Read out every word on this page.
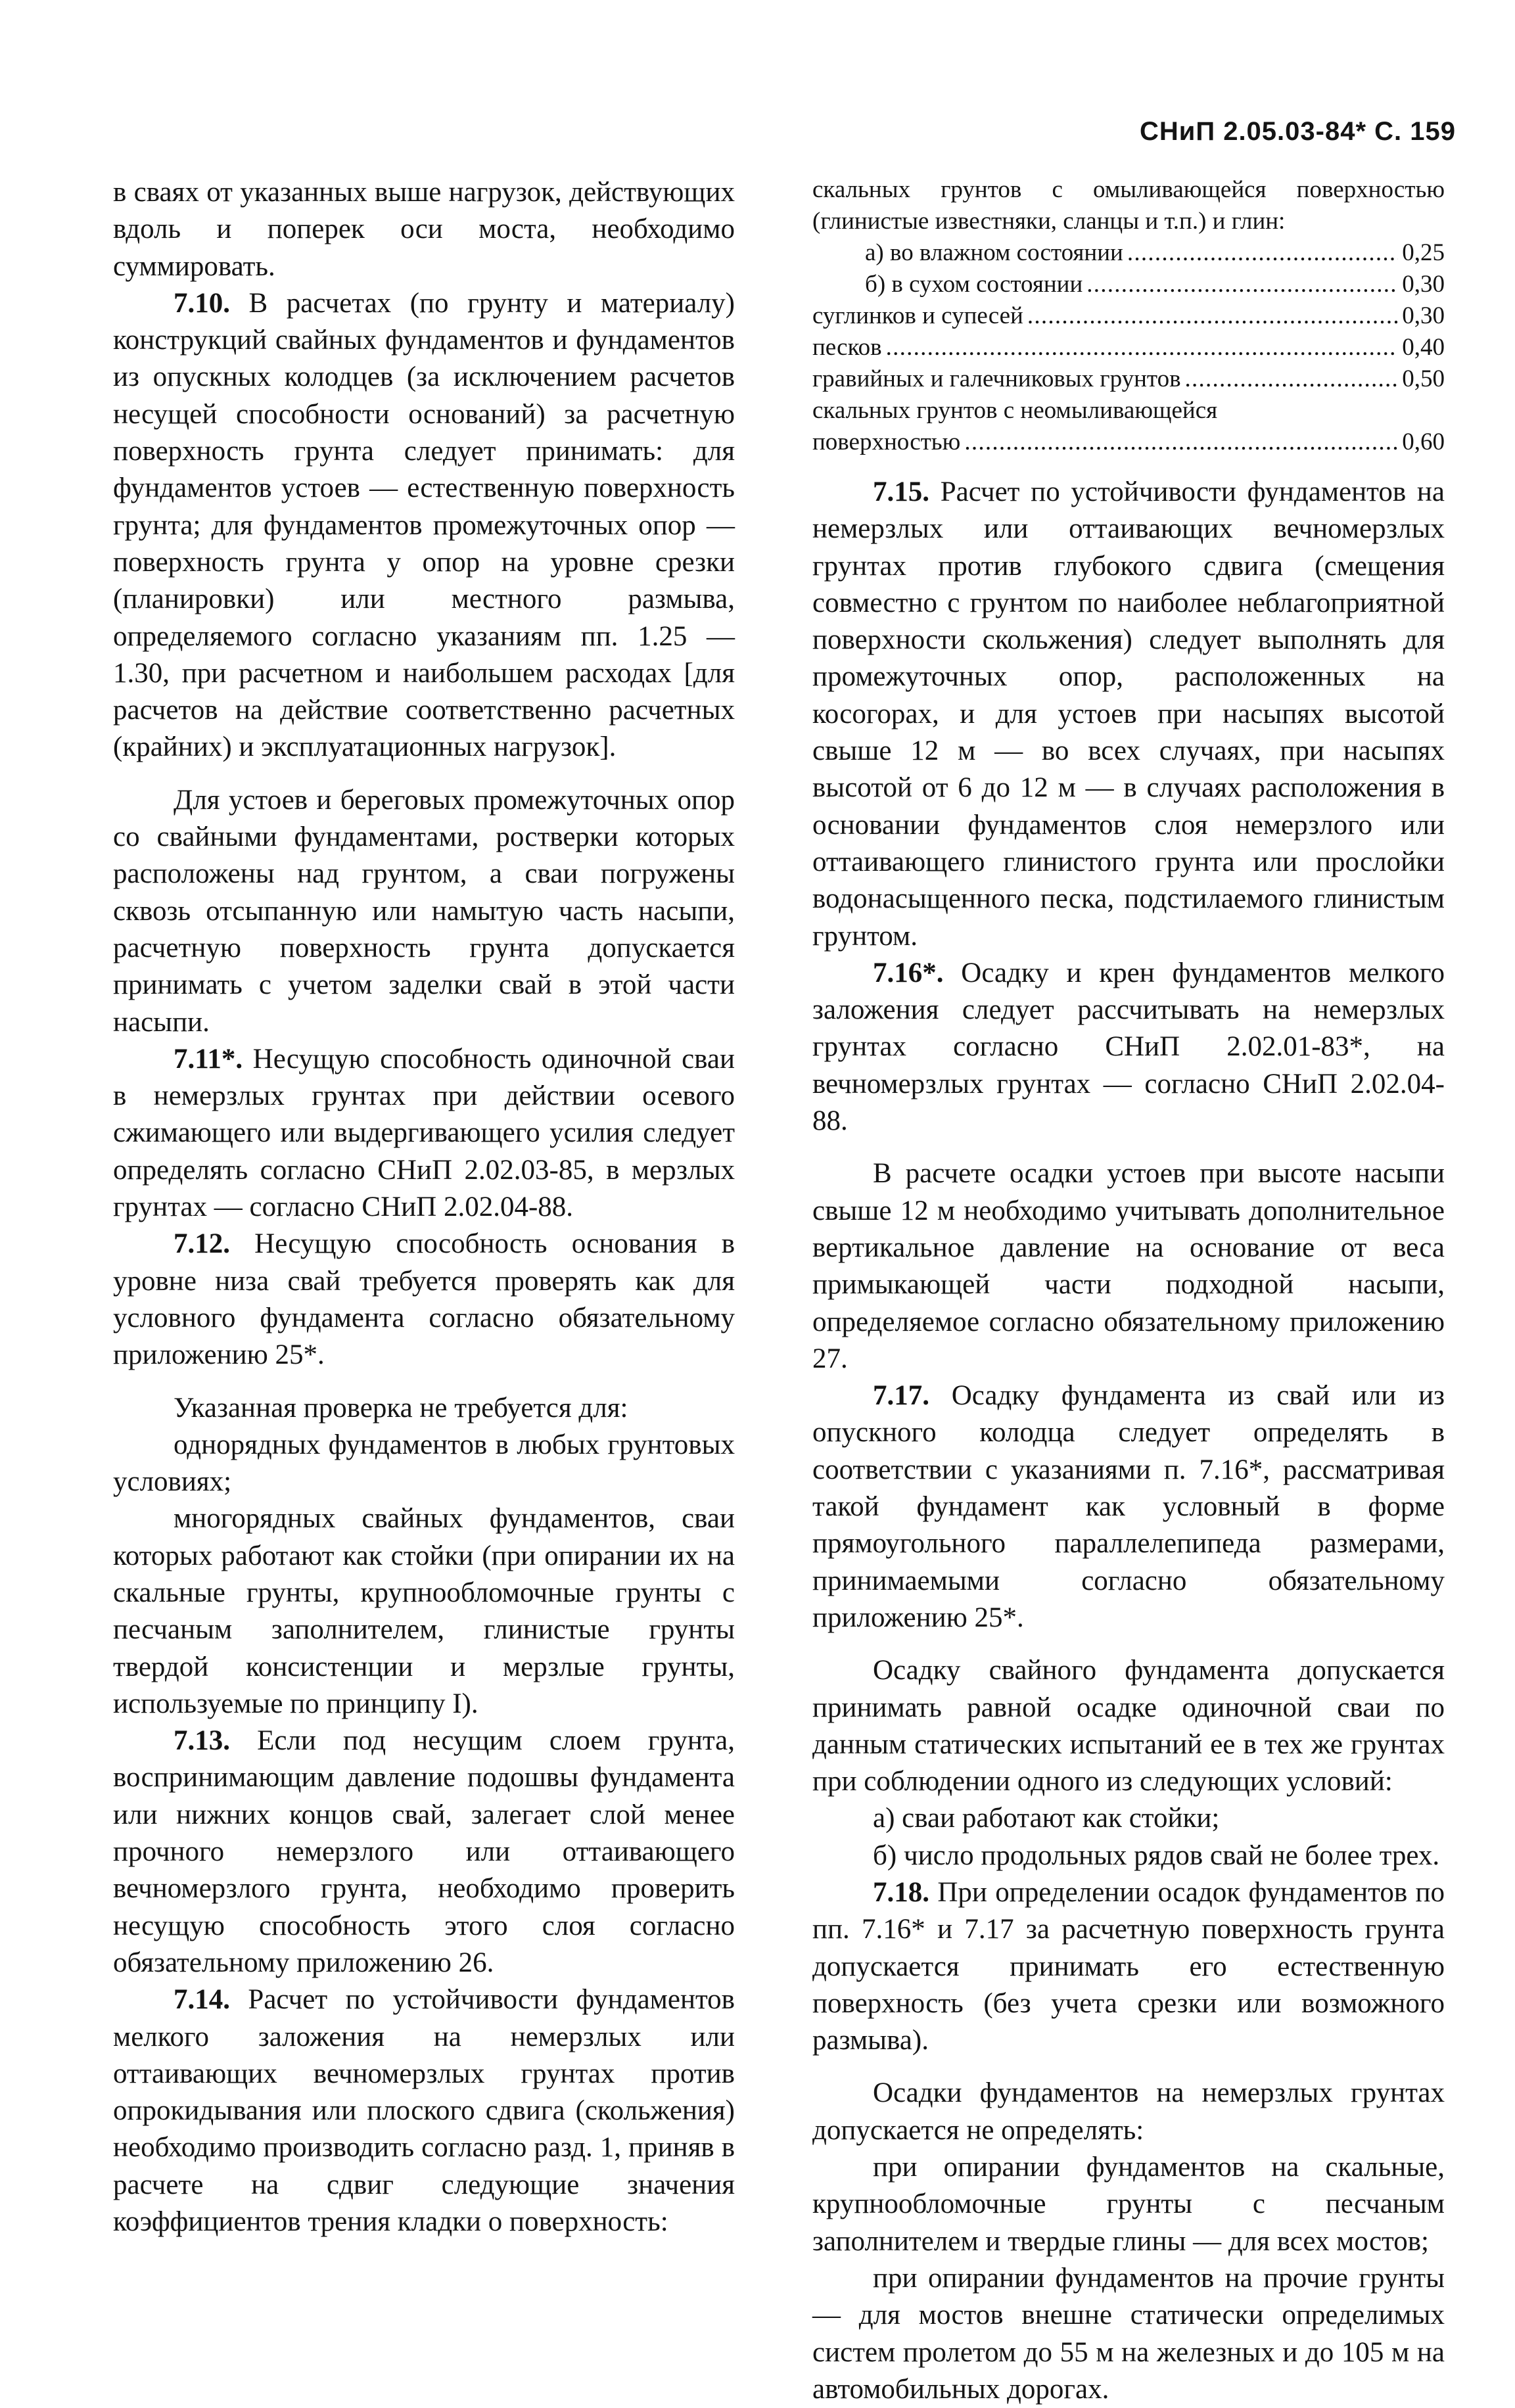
СНиП 2.05.03-84* С. 159

в сваях от указанных выше нагрузок, действующих вдоль и поперек оси моста, необходимо суммировать.

7.10. В расчетах (по грунту и материалу) конструкций свайных фундаментов и фундаментов из опускных колодцев (за исключением расчетов несущей способности оснований) за расчетную поверхность грунта следует принимать: для фундаментов устоев — естественную поверхность грунта; для фундаментов промежуточных опор — поверхность грунта у опор на уровне срезки (планировки) или местного размыва, определяемого согласно указаниям пп. 1.25 — 1.30, при расчетном и наибольшем расходах [для расчетов на действие соответственно расчетных (крайних) и эксплуатационных нагрузок].

Для устоев и береговых промежуточных опор со свайными фундаментами, ростверки которых расположены над грунтом, а сваи погружены сквозь отсыпанную или намытую часть насыпи, расчетную поверхность грунта допускается принимать с учетом заделки свай в этой части насыпи.

7.11*. Несущую способность одиночной сваи в немерзлых грунтах при действии осевого сжимающего или выдергивающего усилия следует определять согласно СНиП 2.02.03-85, в мерзлых грунтах — согласно СНиП 2.02.04-88.

7.12. Несущую способность основания в уровне низа свай требуется проверять как для условного фундамента согласно обязательному приложению 25*.

Указанная проверка не требуется для:

однорядных фундаментов в любых грунтовых условиях;

многорядных свайных фундаментов, сваи которых работают как стойки (при опирании их на скальные грунты, крупнообломочные грунты с песчаным заполнителем, глинистые грунты твердой консистенции и мерзлые грунты, используемые по принципу I).

7.13. Если под несущим слоем грунта, воспринимающим давление подошвы фундамента или нижних концов свай, залегает слой менее прочного немерзлого или оттаивающего вечномерзлого грунта, необходимо проверить несущую способность этого слоя согласно обязательному приложению 26.

7.14. Расчет по устойчивости фундаментов мелкого заложения на немерзлых или оттаивающих вечномерзлых грунтах против опрокидывания или плоского сдвига (скольжения) необходимо производить согласно разд. 1, приняв в расчете на сдвиг следующие значения коэффициентов трения кладки о поверхность:

скальных грунтов с омыливающейся поверхностью (глинистые известняки, сланцы и т.п.) и глин:

а) во влажном состоянии . . .	0,25
б) в сухом состоянии . . .	0,30
суглинков и супесей . . .	0,30
песков . . .	0,40
гравийных и галечниковых грунтов . . .	0,50

скальных грунтов с неомыливающейся

поверхностью . . .	0,60

7.15. Расчет по устойчивости фундаментов на немерзлых или оттаивающих вечномерзлых грунтах против глубокого сдвига (смещения совместно с грунтом по наиболее неблагоприятной поверхности скольжения) следует выполнять для промежуточных опор, расположенных на косогорах, и для устоев при насыпях высотой свыше 12 м — во всех случаях, при насыпях высотой от 6 до 12 м — в случаях расположения в основании фундаментов слоя немерзлого или оттаивающего глинистого грунта или прослойки водонасыщенного песка, подстилаемого глинистым грунтом.

7.16*. Осадку и крен фундаментов мелкого заложения следует рассчитывать на немерзлых грунтах согласно СНиП 2.02.01-83*, на вечномерзлых грунтах — согласно СНиП 2.02.04-88.

В расчете осадки устоев при высоте насыпи свыше 12 м необходимо учитывать дополнительное вертикальное давление на основание от веса примыкающей части подходной насыпи, определяемое согласно обязательному приложению 27.

7.17. Осадку фундамента из свай или из опускного колодца следует определять в соответствии с указаниями п. 7.16*, рассматривая такой фундамент как условный в форме прямоугольного параллелепипеда размерами, принимаемыми согласно обязательному приложению 25*.

Осадку свайного фундамента допускается принимать равной осадке одиночной сваи по данным статических испытаний ее в тех же грунтах при соблюдении одного из следующих условий:

а) сваи работают как стойки;

б) число продольных рядов свай не более трех.

7.18. При определении осадок фундаментов по пп. 7.16* и 7.17 за расчетную поверхность грунта допускается принимать его естественную поверхность (без учета срезки или возможного размыва).

Осадки фундаментов на немерзлых грунтах допускается не определять:

при опирании фундаментов на скальные, крупнообломочные грунты с песчаным заполнителем и твердые глины — для всех мостов;

при опирании фундаментов на прочие грунты — для мостов внешне статически определимых систем пролетом до 55 м на железных и до 105 м на автомобильных дорогах.
